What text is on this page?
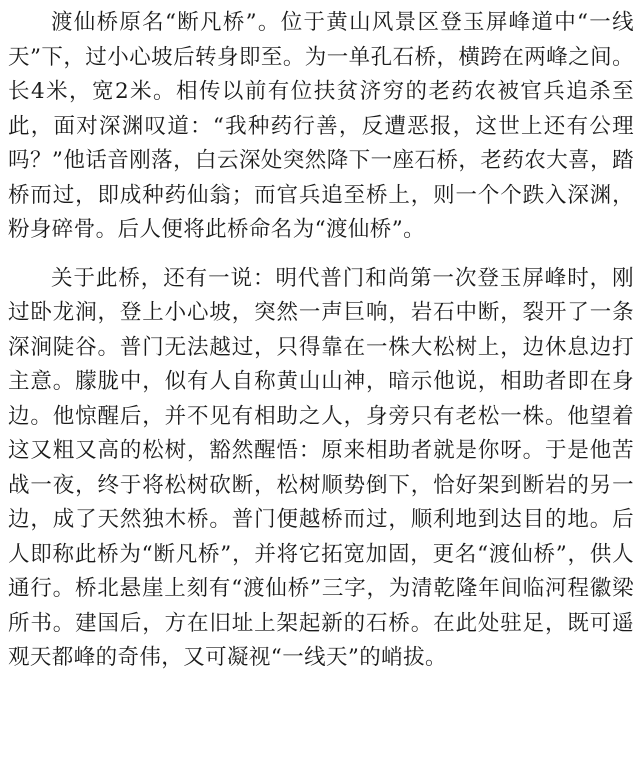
渡仙桥原名“断凡桥”。位于黄山风景区登玉屏峰道中“一线天”下，过小心坡后转身即至。为一单孔石桥，横跨在两峰之间。长4米，宽2米。相传以前有位扶贫济穷的老药农被官兵追杀至此，面对深渊叹道：“我种药行善，反遭恶报，这世上还有公理吗？”他话音刚落，白云深处突然降下一座石桥，老药农大喜，踏桥而过，即成种药仙翁；而官兵追至桥上，则一个个跌入深渊，粉身碎骨。后人便将此桥命名为“渡仙桥”。

关于此桥，还有一说：明代普门和尚第一次登玉屏峰时，刚过卧龙涧，登上小心坡，突然一声巨响，岩石中断，裂开了一条深涧陡谷。普门无法越过，只得靠在一株大松树上，边休息边打主意。朦胧中，似有人自称黄山山神，暗示他说，相助者即在身边。他惊醒后，并不见有相助之人，身旁只有老松一株。他望着这又粗又高的松树，豁然醒悟：原来相助者就是你呀。于是他苦战一夜，终于将松树砍断，松树顺势倒下，恰好架到断岩的另一边，成了天然独木桥。普门便越桥而过，顺利地到达目的地。后人即称此桥为“断凡桥”，并将它拓宽加固，更名“渡仙桥”，供人通行。桥北悬崖上刻有“渡仙桥”三字，为清乾隆年间临河程徽梁所书。建国后，方在旧址上架起新的石桥。在此处驻足，既可遥观天都峰的奇伟，又可凝视“一线天”的峭拔。
